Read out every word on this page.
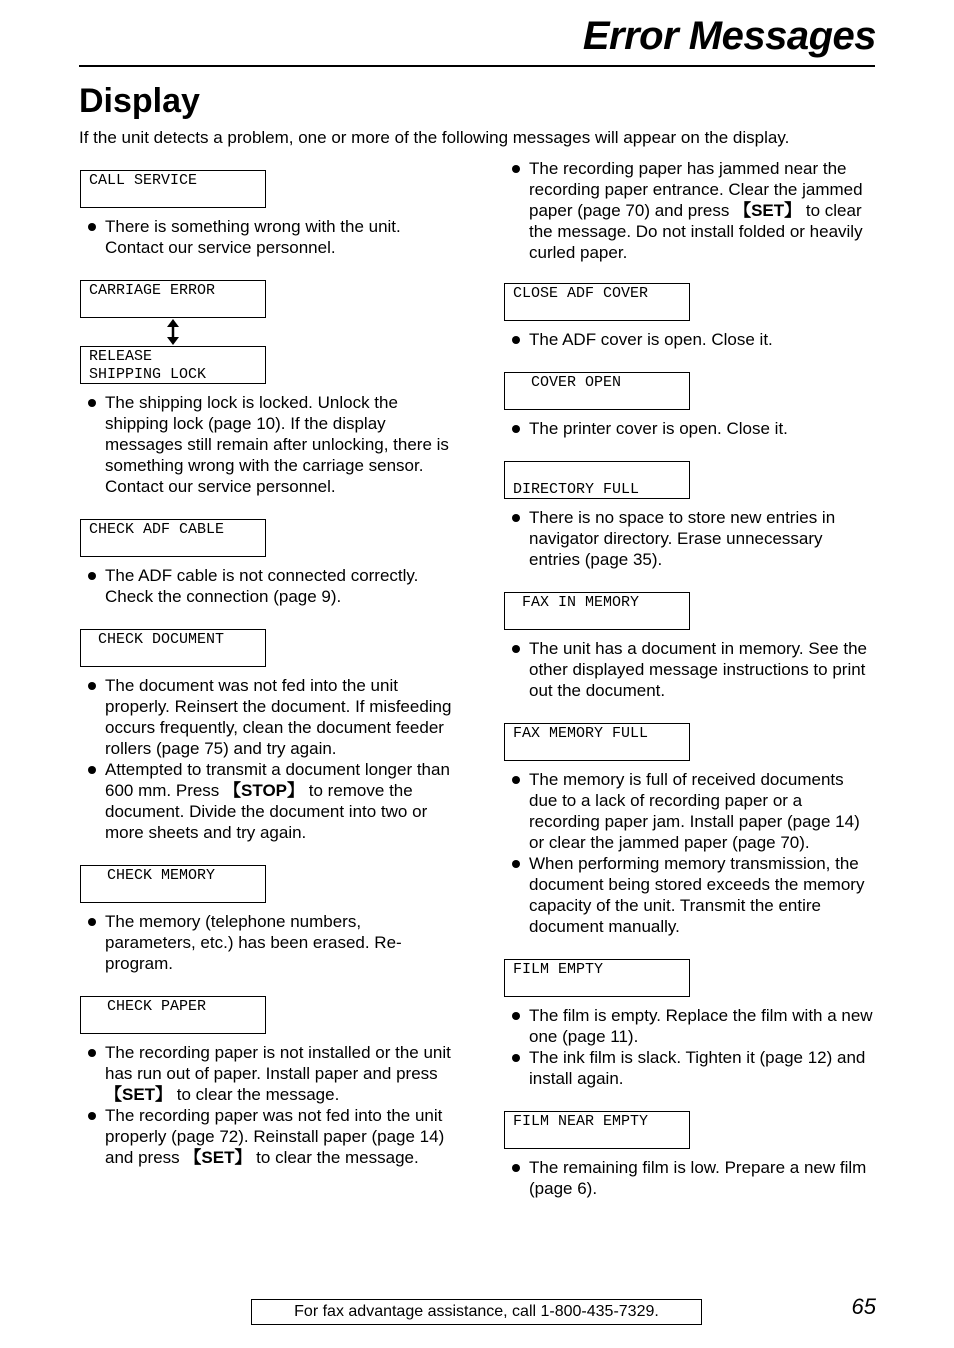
Error Messages
Display
If the unit detects a problem, one or more of the following messages will appear on the display.
CALL SERVICE
There is something wrong with the unit. Contact our service personnel.
CARRIAGE ERROR
RELEASE
SHIPPING LOCK
The shipping lock is locked. Unlock the shipping lock (page 10). If the display messages still remain after unlocking, there is something wrong with the carriage sensor. Contact our service personnel.
CHECK ADF CABLE
The ADF cable is not connected correctly. Check the connection (page 9).
CHECK DOCUMENT
The document was not fed into the unit properly. Reinsert the document. If misfeeding occurs frequently, clean the document feeder rollers (page 75) and try again.
Attempted to transmit a document longer than 600 mm. Press 【STOP】 to remove the document. Divide the document into two or more sheets and try again.
CHECK MEMORY
The memory (telephone numbers, parameters, etc.) has been erased. Re-program.
CHECK PAPER
The recording paper is not installed or the unit has run out of paper. Install paper and press 【SET】 to clear the message.
The recording paper was not fed into the unit properly (page 72). Reinstall paper (page 14) and press 【SET】 to clear the message.
The recording paper has jammed near the recording paper entrance. Clear the jammed paper (page 70) and press 【SET】 to clear the message. Do not install folded or heavily curled paper.
CLOSE ADF COVER
The ADF cover is open. Close it.
COVER OPEN
The printer cover is open. Close it.

DIRECTORY FULL
There is no space to store new entries in navigator directory. Erase unnecessary entries (page 35).
FAX IN MEMORY
The unit has a document in memory. See the other displayed message instructions to print out the document.
FAX MEMORY FULL
The memory is full of received documents due to a lack of recording paper or a recording paper jam. Install paper (page 14) or clear the jammed paper (page 70).
When performing memory transmission, the document being stored exceeds the memory capacity of the unit. Transmit the entire document manually.
FILM EMPTY
The film is empty. Replace the film with a new one (page 11).
The ink film is slack. Tighten it (page 12) and install again.
FILM NEAR EMPTY
The remaining film is low. Prepare a new film (page 6).
For fax advantage assistance, call 1-800-435-7329.	65
